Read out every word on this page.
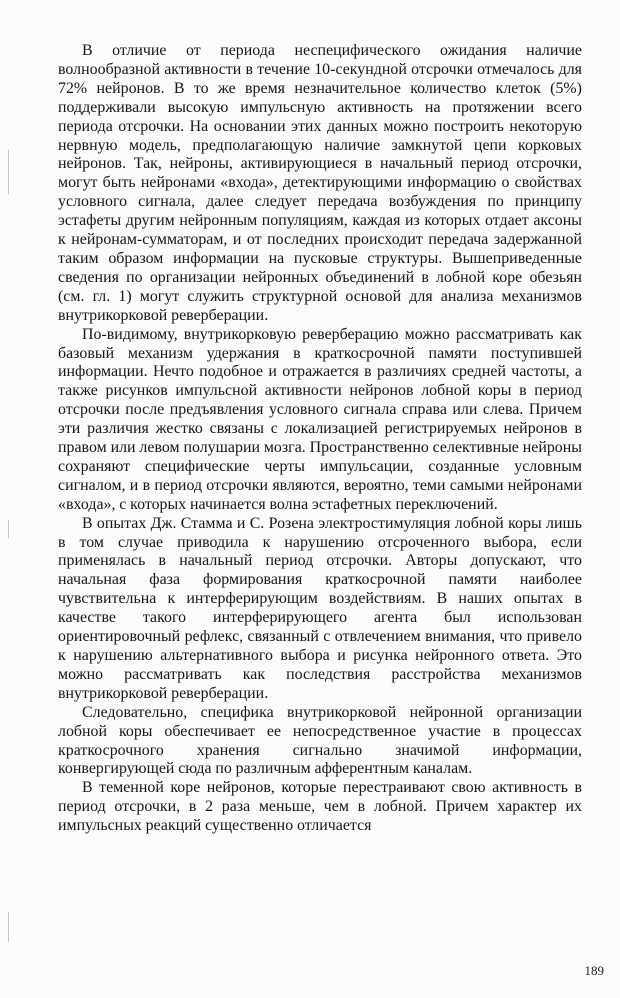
В отличие от периода неспецифического ожидания наличие волнообразной активности в течение 10-секундной отсрочки отмечалось для 72% нейронов. В то же время незначительное количество клеток (5%) поддерживали высокую импульсную активность на протяжении всего периода отсрочки. На основании этих данных можно построить некоторую нервную модель, предполагающую наличие замкнутой цепи корковых нейронов. Так, нейроны, активирующиеся в начальный период отсрочки, могут быть нейронами «входа», детектирующими информацию о свойствах условного сигнала, далее следует передача возбуждения по принципу эстафеты другим нейронным популяциям, каждая из которых отдает аксоны к нейронам-сумматорам, и от последних происходит передача задержанной таким образом информации на пусковые структуры. Вышеприведенные сведения по организации нейронных объединений в лобной коре обезьян (см. гл. 1) могут служить структурной основой для анализа механизмов внутрикорковой реверберации.

По-видимому, внутрикорковую реверберацию можно рассматривать как базовый механизм удержания в краткосрочной памяти поступившей информации. Нечто подобное и отражается в различиях средней частоты, а также рисунков импульсной активности нейронов лобной коры в период отсрочки после предъявления условного сигнала справа или слева. Причем эти различия жестко связаны с локализацией регистрируемых нейронов в правом или левом полушарии мозга. Пространственно селективные нейроны сохраняют специфические черты импульсации, созданные условным сигналом, и в период отсрочки являются, вероятно, теми самыми нейронами «входа», с которых начинается волна эстафетных переключений.

В опытах Дж. Стамма и С. Розена электростимуляция лобной коры лишь в том случае приводила к нарушению отсроченного выбора, если применялась в начальный период отсрочки. Авторы допускают, что начальная фаза формирования краткосрочной памяти наиболее чувствительна к интерферирующим воздействиям. В наших опытах в качестве такого интерферирующего агента был использован ориентировочный рефлекс, связанный с отвлечением внимания, что привело к нарушению альтернативного выбора и рисунка нейронного ответа. Это можно рассматривать как последствия расстройства механизмов внутрикорковой реверберации.

Следовательно, специфика внутрикорковой нейронной организации лобной коры обеспечивает ее непосредственное участие в процессах краткосрочного хранения сигнально значимой информации, конвергирующей сюда по различным афферентным каналам.

В теменной коре нейронов, которые перестраивают свою активность в период отсрочки, в 2 раза меньше, чем в лобной. Причем характер их импульсных реакций существенно отличается

189
